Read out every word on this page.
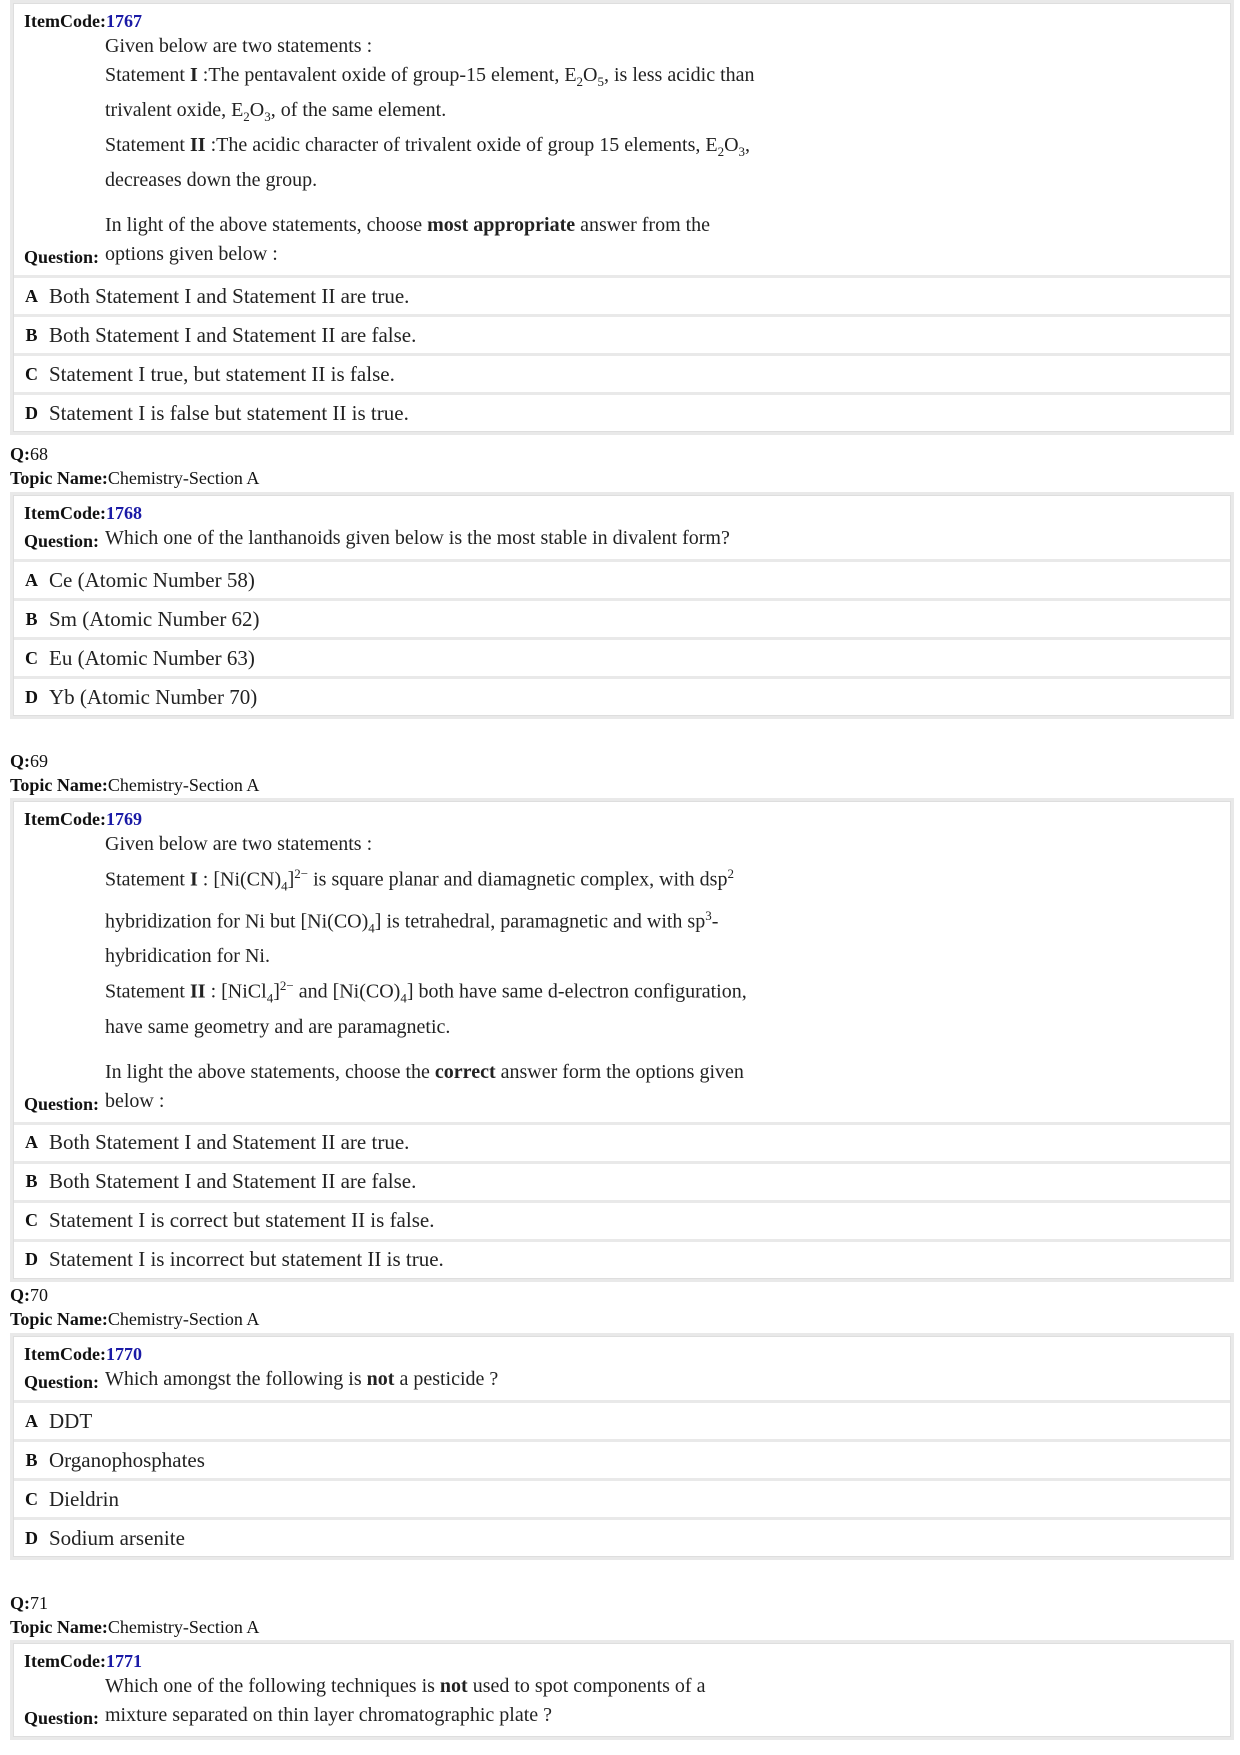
ItemCode:1767
Question:
Given below are two statements :
Statement I :The pentavalent oxide of group-15 element, $E_2O_5$, is less acidic than
trivalent oxide, $E_2O_3$, of the same element.
Statement II :The acidic character of trivalent oxide of group 15 elements, $E_2O_3$,
decreases down the group.
In light of the above statements, choose most appropriate answer from the
options given below :
A Both Statement I and Statement II are true.
B Both Statement I and Statement II are false.
C Statement I true, but statement II is false.
D Statement I is false but statement II is true.
Q:68
Topic Name:Chemistry-Section A
ItemCode:1768
Question: Which one of the lanthanoids given below is the most stable in divalent form?
A Ce (Atomic Number 58)
B Sm (Atomic Number 62)
C Eu (Atomic Number 63)
D Yb (Atomic Number 70)
Q:69
Topic Name:Chemistry-Section A
ItemCode:1769
Question:
Given below are two statements :
Statement I : $[Ni(CN)_4]^{2-}$ is square planar and diamagnetic complex, with dsp$^2$
hybridization for Ni but $[Ni(CO)_4]$ is tetrahedral, paramagnetic and with $sp^3-$
hybridication for Ni.
Statement II : [NiCl$_4$]$^{2-}$ and $[Ni(CO)_4]$ both have same d-electron configuration,
have same geometry and are paramagnetic.
In light the above statements, choose the correct answer form the options given
below :
A Both Statement I and Statement II are true.
B Both Statement I and Statement II are false.
C Statement I is correct but statement II is false.
D Statement I is incorrect but statement II is true.
Q:70
Topic Name:Chemistry-Section A
ItemCode:1770
Question: Which amongst the following is not a pesticide ?
A DDT
B Organophosphates
C Dieldrin
D Sodium arsenite
Q:71
Topic Name:Chemistry-Section A
ItemCode:1771
Question:
Which one of the following techniques is not used to spot components of a
mixture separated on thin layer chromatographic plate ?
